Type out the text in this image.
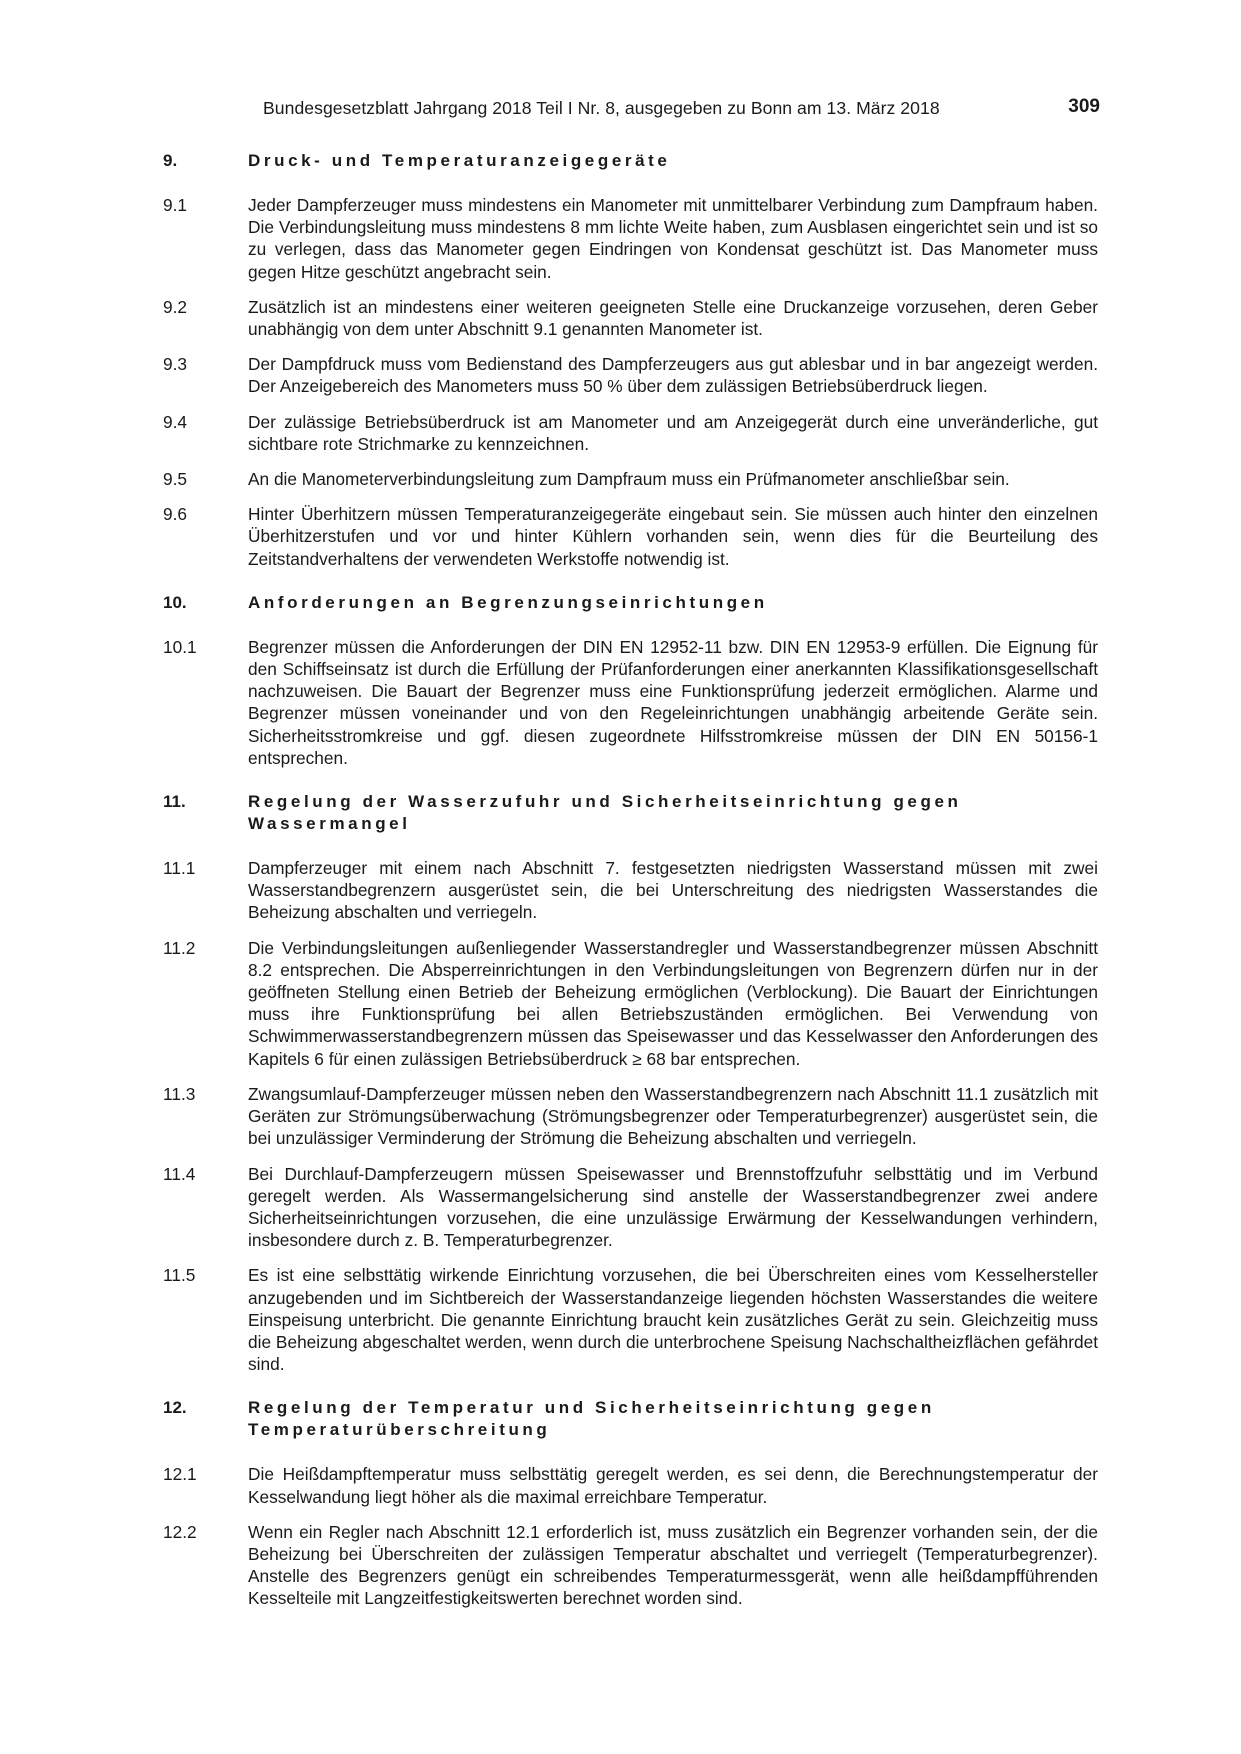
Bundesgesetzblatt Jahrgang 2018 Teil I Nr. 8, ausgegeben zu Bonn am 13. März 2018	309
9.	Druck- und Temperaturanzeigegeräte
9.1	Jeder Dampferzeuger muss mindestens ein Manometer mit unmittelbarer Verbindung zum Dampfraum haben. Die Verbindungsleitung muss mindestens 8 mm lichte Weite haben, zum Ausblasen eingerichtet sein und ist so zu verlegen, dass das Manometer gegen Eindringen von Kondensat geschützt ist. Das Manometer muss gegen Hitze geschützt angebracht sein.
9.2	Zusätzlich ist an mindestens einer weiteren geeigneten Stelle eine Druckanzeige vorzusehen, deren Geber unabhängig von dem unter Abschnitt 9.1 genannten Manometer ist.
9.3	Der Dampfdruck muss vom Bedienstand des Dampferzeugers aus gut ablesbar und in bar angezeigt werden. Der Anzeigebereich des Manometers muss 50 % über dem zulässigen Betriebsüberdruck liegen.
9.4	Der zulässige Betriebsüberdruck ist am Manometer und am Anzeigegerät durch eine unveränderliche, gut sichtbare rote Strichmarke zu kennzeichnen.
9.5	An die Manometerverbindungsleitung zum Dampfraum muss ein Prüfmanometer anschließbar sein.
9.6	Hinter Überhitzern müssen Temperaturanzeigegeräte eingebaut sein. Sie müssen auch hinter den einzelnen Überhitzerstufen und vor und hinter Kühlern vorhanden sein, wenn dies für die Beurteilung des Zeitstandverhaltens der verwendeten Werkstoffe notwendig ist.
10.	Anforderungen an Begrenzungseinrichtungen
10.1	Begrenzer müssen die Anforderungen der DIN EN 12952-11 bzw. DIN EN 12953-9 erfüllen. Die Eignung für den Schiffseinsatz ist durch die Erfüllung der Prüfanforderungen einer anerkannten Klassifikationsgesellschaft nachzuweisen. Die Bauart der Begrenzer muss eine Funktionsprüfung jederzeit ermöglichen. Alarme und Begrenzer müssen voneinander und von den Regeleinrichtungen unabhängig arbeitende Geräte sein. Sicherheitsstromkreise und ggf. diesen zugeordnete Hilfsstromkreise müssen der DIN EN 50156-1 entsprechen.
11.	Regelung der Wasserzufuhr und Sicherheitseinrichtung gegen Wassermangel
11.1	Dampferzeuger mit einem nach Abschnitt 7. festgesetzten niedrigsten Wasserstand müssen mit zwei Wasserstandbegrenzern ausgerüstet sein, die bei Unterschreitung des niedrigsten Wasserstandes die Beheizung abschalten und verriegeln.
11.2	Die Verbindungsleitungen außenliegender Wasserstandregler und Wasserstandbegrenzer müssen Abschnitt 8.2 entsprechen. Die Absperreinrichtungen in den Verbindungsleitungen von Begrenzern dürfen nur in der geöffneten Stellung einen Betrieb der Beheizung ermöglichen (Verblockung). Die Bauart der Einrichtungen muss ihre Funktionsprüfung bei allen Betriebszuständen ermöglichen. Bei Verwendung von Schwimmerwasserstandbegrenzern müssen das Speisewasser und das Kesselwasser den Anforderungen des Kapitels 6 für einen zulässigen Betriebsüberdruck ≥ 68 bar entsprechen.
11.3	Zwangsumlauf-Dampferzeuger müssen neben den Wasserstandbegrenzern nach Abschnitt 11.1 zusätzlich mit Geräten zur Strömungsüberwachung (Strömungsbegrenzer oder Temperaturbegrenzer) ausgerüstet sein, die bei unzulässiger Verminderung der Strömung die Beheizung abschalten und verriegeln.
11.4	Bei Durchlauf-Dampferzeugern müssen Speisewasser und Brennstoffzufuhr selbsttätig und im Verbund geregelt werden. Als Wassermangelsicherung sind anstelle der Wasserstandbegrenzer zwei andere Sicherheitseinrichtungen vorzusehen, die eine unzulässige Erwärmung der Kesselwandungen verhindern, insbesondere durch z. B. Temperaturbegrenzer.
11.5	Es ist eine selbsttätig wirkende Einrichtung vorzusehen, die bei Überschreiten eines vom Kesselhersteller anzugebenden und im Sichtbereich der Wasserstandanzeige liegenden höchsten Wasserstandes die weitere Einspeisung unterbricht. Die genannte Einrichtung braucht kein zusätzliches Gerät zu sein. Gleichzeitig muss die Beheizung abgeschaltet werden, wenn durch die unterbrochene Speisung Nachschaltheizflächen gefährdet sind.
12.	Regelung der Temperatur und Sicherheitseinrichtung gegen Temperaturüberschreitung
12.1	Die Heißdampftemperatur muss selbsttätig geregelt werden, es sei denn, die Berechnungstemperatur der Kesselwandung liegt höher als die maximal erreichbare Temperatur.
12.2	Wenn ein Regler nach Abschnitt 12.1 erforderlich ist, muss zusätzlich ein Begrenzer vorhanden sein, der die Beheizung bei Überschreiten der zulässigen Temperatur abschaltet und verriegelt (Temperaturbegrenzer). Anstelle des Begrenzers genügt ein schreibendes Temperaturmessgerät, wenn alle heißdampfführenden Kesselteile mit Langzeitfestigkeitswerten berechnet worden sind.
